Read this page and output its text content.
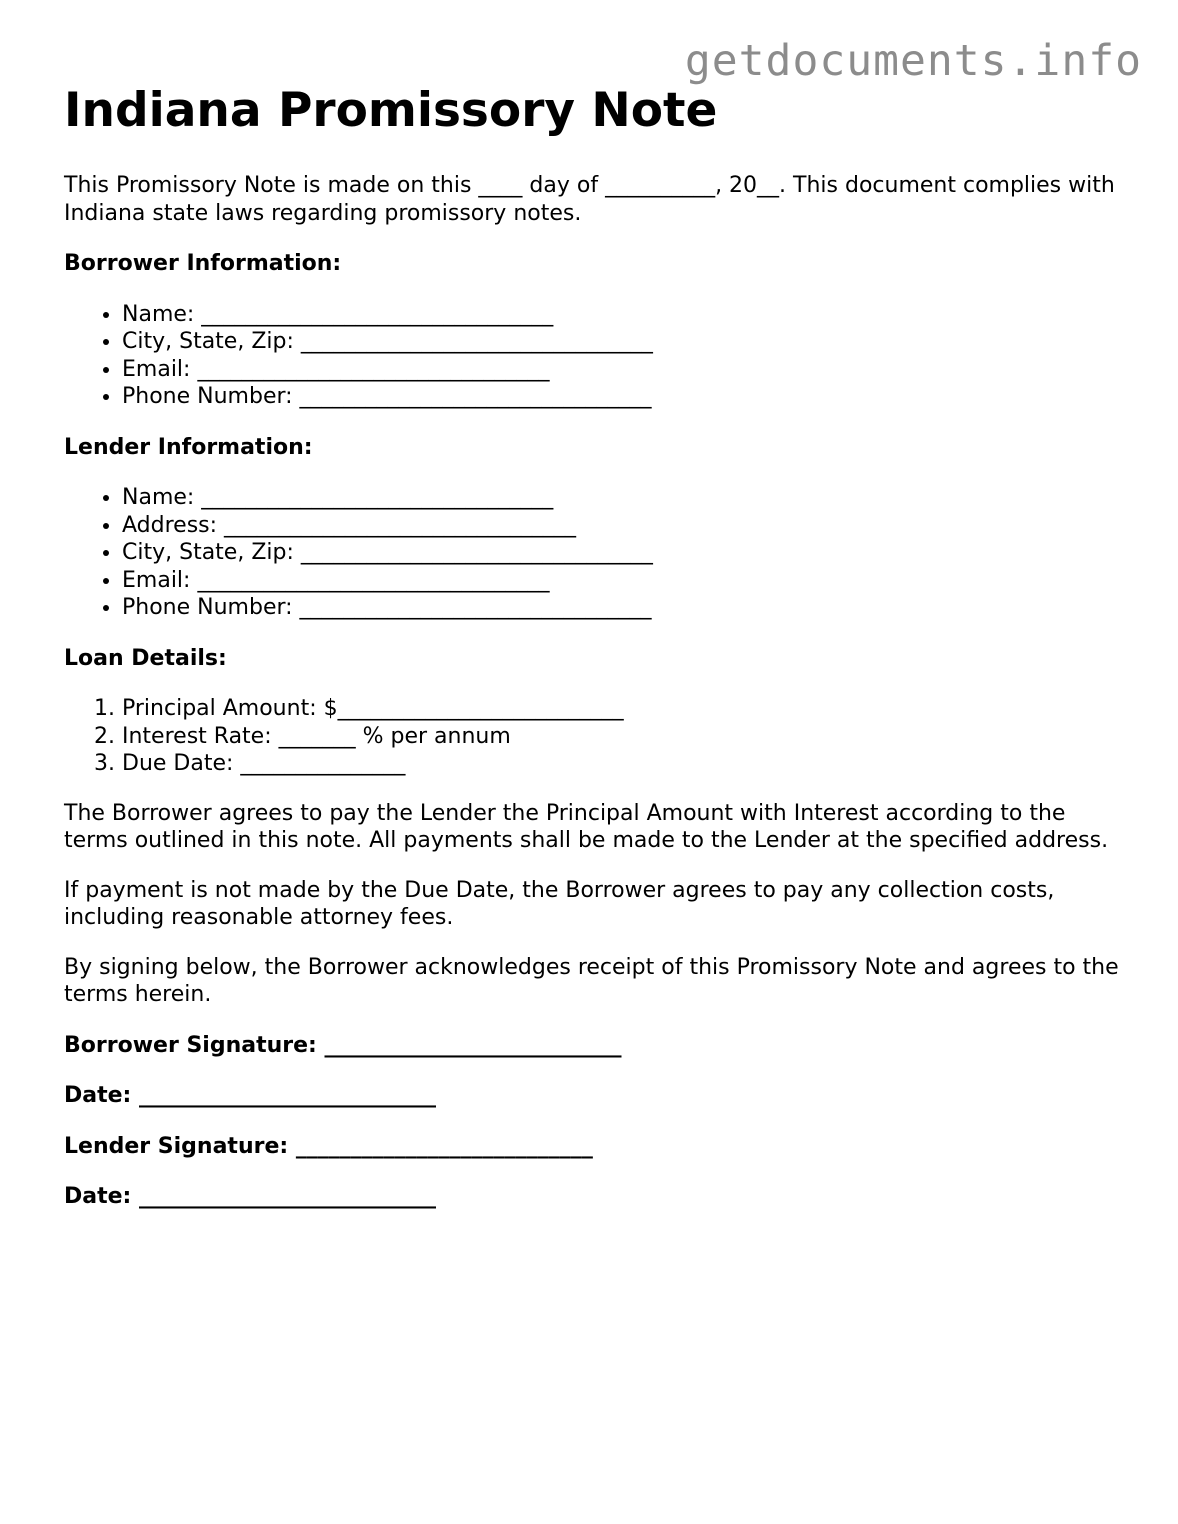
getdocuments.info
Indiana Promissory Note

This Promissory Note is made on this ____ day of __________, 20__. This document complies with Indiana state laws regarding promissory notes.

Borrower Information:

• Name: ________________________________
• City, State, Zip: ________________________________
• Email: ________________________________
• Phone Number: ________________________________

Lender Information:

• Name: ________________________________
• Address: ________________________________
• City, State, Zip: ________________________________
• Email: ________________________________
• Phone Number: ________________________________

Loan Details:

1. Principal Amount: $__________________________
2. Interest Rate: _______ % per annum
3. Due Date: _______________

The Borrower agrees to pay the Lender the Principal Amount with Interest according to the terms outlined in this note. All payments shall be made to the Lender at the specified address.

If payment is not made by the Due Date, the Borrower agrees to pay any collection costs, including reasonable attorney fees.

By signing below, the Borrower acknowledges receipt of this Promissory Note and agrees to the terms herein.

Borrower Signature: ___________________________

Date: ___________________________

Lender Signature: ___________________________

Date: ___________________________
